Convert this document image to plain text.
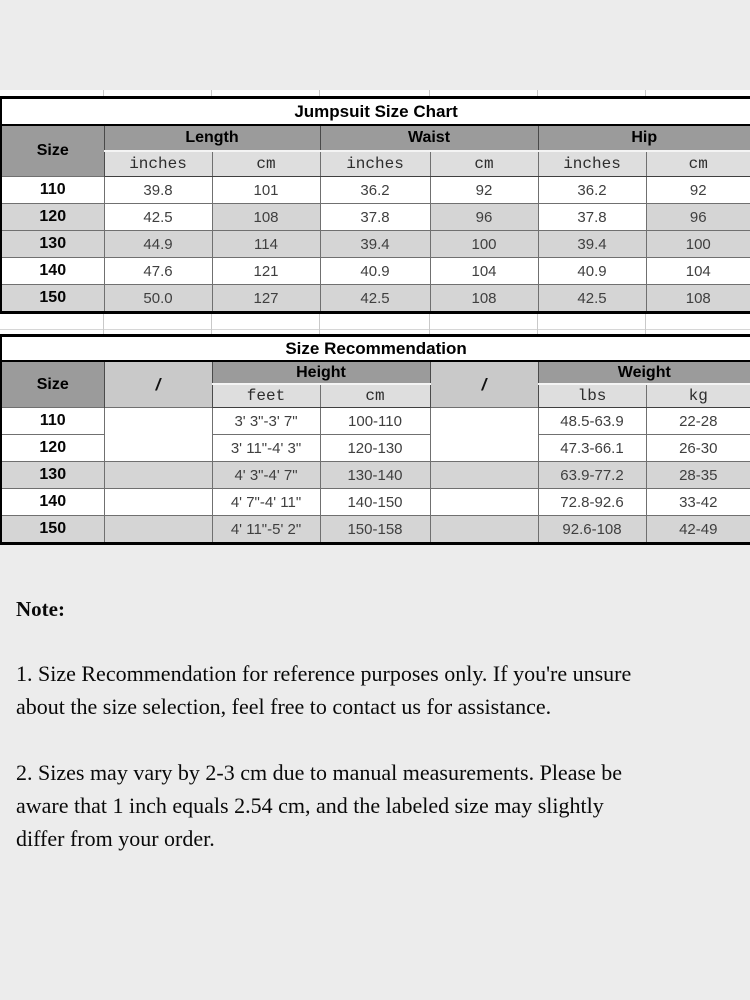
Jumpsuit Size Chart						
Size	Length		Waist		Hip	
	inches	cm	inches	cm	inches	cm
110	39.8	101	36.2	92	36.2	92
120	42.5	108	37.8	96	37.8	96
130	44.9	114	39.4	100	39.4	100
140	47.6	121	40.9	104	40.9	104
150	50.0	127	42.5	108	42.5	108
Size Recommendation						
Size	/	Height		/	Weight	
		feet	cm		lbs	kg
110		3' 3"-3' 7"	100-110		48.5-63.9	22-28
120		3' 11"-4' 3"	120-130		47.3-66.1	26-30
130		4' 3"-4' 7"	130-140		63.9-77.2	28-35
140		4' 7"-4' 11"	140-150		72.8-92.6	33-42
150		4' 11"-5' 2"	150-158		92.6-108	42-49
Note:
1. Size Recommendation for reference purposes only. If you're unsure
about the size selection, feel free to contact us for assistance.
2. Sizes may vary by 2-3 cm due to manual measurements. Please be
aware that 1 inch equals 2.54 cm, and the labeled size may slightly
differ from your order.
